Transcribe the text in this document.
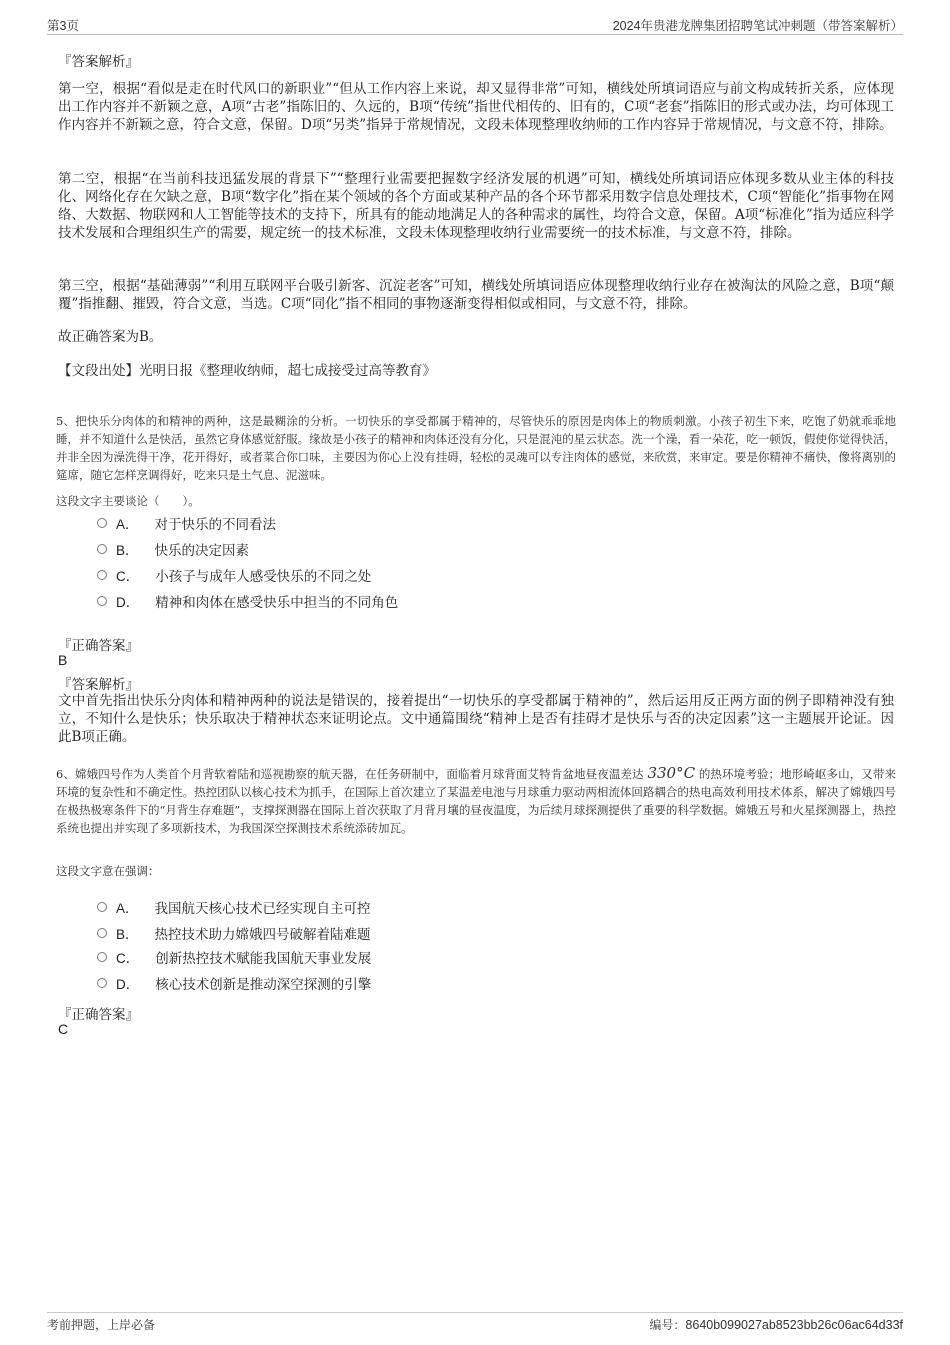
第3页	2024年贵港龙牌集团招聘笔试冲刺题（带答案解析）
『答案解析』
第一空，根据“看似是走在时代风口的新职业”“但从工作内容上来说，却又显得非常”可知，横线处所填词语应与前文构成转折关系，应体现出工作内容并不新颖之意，A项“古老”指陈旧的、久远的，B项“传统”指世代相传的、旧有的，C项“老套”指陈旧的形式或办法，均可体现工作内容并不新颖之意，符合文意，保留。D项“另类”指异于常规情况，文段未体现整理收纳师的工作内容异于常规情况，与文意不符，排除。
第二空，根据“在当前科技迅猛发展的背景下”“整理行业需要把握数字经济发展的机遇”可知，横线处所填词语应体现多数从业主体的科技化、网络化存在欠缺之意，B项“数字化”指在某个领域的各个方面或某种产品的各个环节都采用数字信息处理技术，C项“智能化”指事物在网络、大数据、物联网和人工智能等技术的支持下，所具有的能动地满足人的各种需求的属性，均符合文意，保留。A项“标准化”指为适应科学技术发展和合理组织生产的需要，规定统一的技术标准，文段未体现整理收纳行业需要统一的技术标准，与文意不符，排除。
第三空，根据“基础薄弱”“利用互联网平台吸引新客、沉淀老客”可知，横线处所填词语应体现整理收纳行业存在被淘汰的风险之意，B项“颠覆”指推翻、摧毁，符合文意，当选。C项“同化”指不相同的事物逐渐变得相似或相同，与文意不符，排除。
故正确答案为B。
【文段出处】光明日报《整理收纳师，超七成接受过高等教育》
5、把快乐分肉体的和精神的两种，这是最糊涂的分析。一切快乐的享受都属于精神的，尽管快乐的原因是肉体上的物质刺激。小孩子初生下来，吃饱了奶就乖乖地睡，并不知道什么是快活，虽然它身体感觉舒服。缘故是小孩子的精神和肉体还没有分化，只是混沌的星云状态。洗一个澡，看一朵花，吃一顿饭，假使你觉得快活，并非全因为澡洗得干净，花开得好，或者菜合你口味，主要因为你心上没有挂碍，轻松的灵魂可以专注肉体的感觉，来欣赏，来审定。要是你精神不痛快，像将离别的筵席，随它怎样烹调得好，吃来只是土气息、泥滋味。
这段文字主要谈论（　　）。
A． 对于快乐的不同看法
B． 快乐的决定因素
C． 小孩子与成年人感受快乐的不同之处
D． 精神和肉体在感受快乐中担当的不同角色
『正确答案』
B
『答案解析』
文中首先指出快乐分肉体和精神两种的说法是错误的，接着提出“一切快乐的享受都属于精神的”，然后运用反正两方面的例子即精神没有独立，不知什么是快乐；快乐取决于精神状态来证明论点。文中通篇围绕“精神上是否有挂碍才是快乐与否的决定因素”这一主题展开论证。因此B项正确。
6、嫦娥四号作为人类首个月背软着陆和巡视勘察的航天器，在任务研制中，面临着月球背面艾特肯盆地昼夜温差达 330°C 的热环境考验；地形崎岖多山，又带来环境的复杂性和不确定性。热控团队以核心技术为抓手，在国际上首次建立了某温差电池与月球重力驱动两相流体回路耦合的热电高效利用技术体系，解决了嫦娥四号在极热极寒条件下的“月背生存难题”，支撑探测器在国际上首次获取了月背月壤的昼夜温度，为后续月球探测提供了重要的科学数据。嫦娥五号和火星探测器上，热控系统也提出并实现了多项新技术，为我国深空探测技术系统添砖加瓦。
这段文字意在强调：
A． 我国航天核心技术已经实现自主可控
B． 热控技术助力嫦娥四号破解着陆难题
C． 创新热控技术赋能我国航天事业发展
D． 核心技术创新是推动深空探测的引擎
『正确答案』
C
考前押题，上岸必备	编号：8640b099027ab8523bb26c06ac64d33f
